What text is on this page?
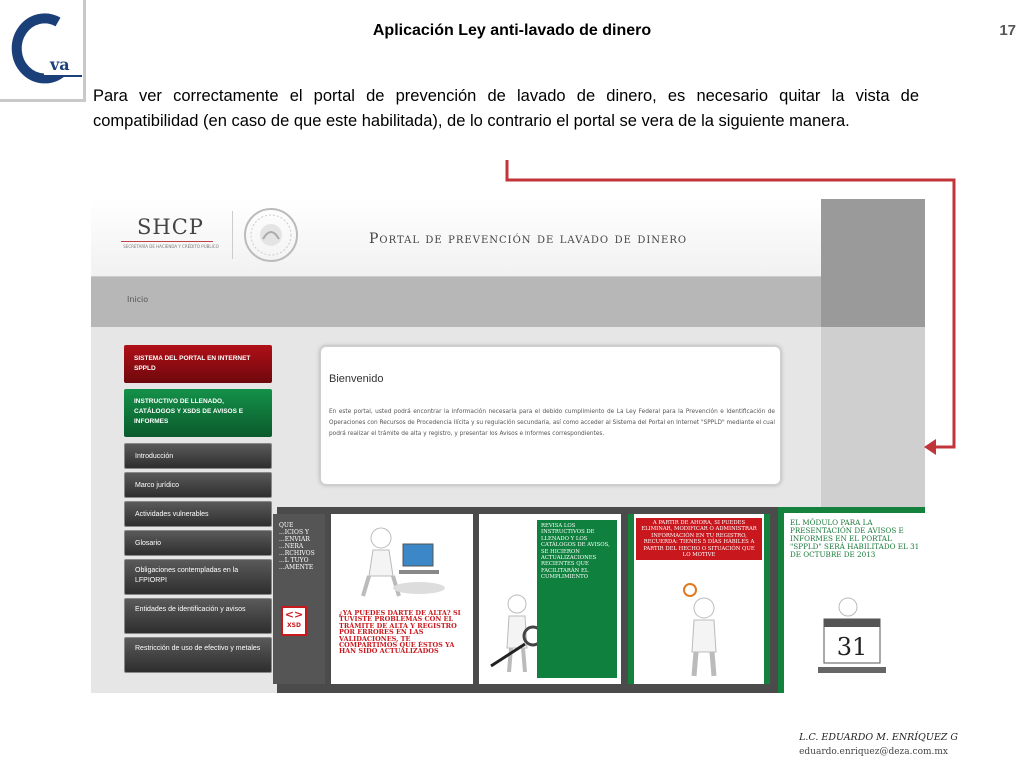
va
Aplicación Ley anti-lavado de dinero	17

Para ver correctamente el portal de prevención de lavado de dinero, es necesario quitar la vista de compatibilidad (en caso de que este habilitada), de lo contrario el portal se vera de la siguiente manera.

SHCP
SECRETARÍA DE HACIENDA Y CRÉDITO PÚBLICO	Portal de prevención de lavado de dinero
Inicio
SISTEMA DEL PORTAL EN INTERNET SPPLD
INSTRUCTIVO DE LLENADO, CATÁLOGOS Y XSDS DE AVISOS E INFORMES
Introducción
Marco jurídico
Actividades vulnerables
Glosario
Obligaciones contempladas en la LFPIORPI
Entidades de identificación y avisos
Restricción de uso de efectivo y metales
Bienvenido

En este portal, usted podrá encontrar la información necesaria para el debido cumplimiento de La Ley Federal para la Prevención e Identificación de Operaciones con Recursos de Procedencia Ilícita y su regulación secundaria, así como acceder al Sistema del Portal en Internet "SPPLD" mediante el cual podrá realizar el trámite de alta y registro, y presentar los Avisos e Informes correspondientes.

QUE ...ICIOS Y ...ENVIAR ...NERA ...RCHIVOS ...L TUYO ...AMENTE
<>
XSD
¿YA PUEDES DARTE DE ALTA? SI TUVISTE PROBLEMAS CON EL TRÁMITE DE ALTA Y REGISTRO POR ERRORES EN LAS VALIDACIONES, TE COMPARTIMOS QUE ÉSTOS YA HAN SIDO ACTUALIZADOS
REVISA LOS INSTRUCTIVOS DE LLENADO Y LOS CATÁLOGOS DE AVISOS, SE HICIERON ACTUALIZACIONES RECIENTES QUE FACILITARÁN EL CUMPLIMIENTO
A PARTIR DE AHORA, SI PUEDES ELIMINAR, MODIFICAR O ADMINISTRAR INFORMACIÓN EN TU REGISTRO, RECUERDA: TIENES 5 DÍAS HÁBILES A PARTIR DEL HECHO O SITUACIÓN QUE LO MOTIVE
EL MÓDULO PARA LA PRESENTACIÓN DE AVISOS E INFORMES EN EL PORTAL "SPPLD" SERÁ HABILITADO EL 31 DE OCTUBRE DE 2013
31
L.C. EDUARDO M. ENRÍQUEZ G
eduardo.enriquez@deza.com.mx
